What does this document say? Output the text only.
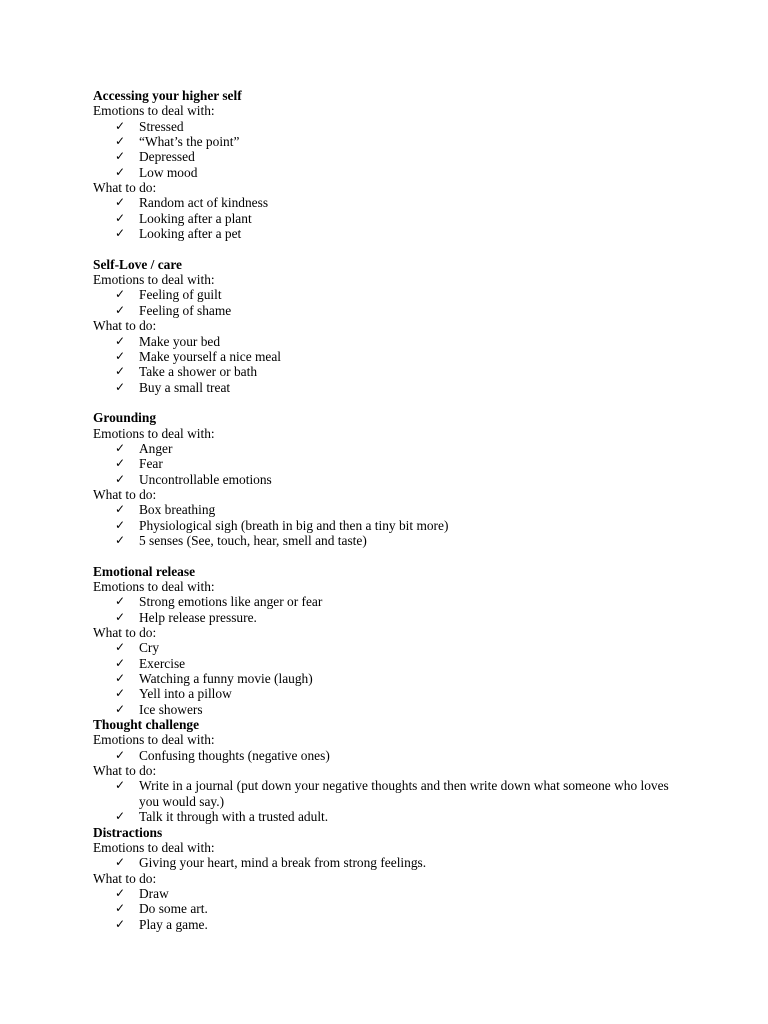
Accessing your higher self
Emotions to deal with:
✓ Stressed
✓ “What’s the point”
✓ Depressed
✓ Low mood
What to do:
✓ Random act of kindness
✓ Looking after a plant
✓ Looking after a pet
Self-Love / care
Emotions to deal with:
✓ Feeling of guilt
✓ Feeling of shame
What to do:
✓ Make your bed
✓ Make yourself a nice meal
✓ Take a shower or bath
✓ Buy a small treat
Grounding
Emotions to deal with:
✓ Anger
✓ Fear
✓ Uncontrollable emotions
What to do:
✓ Box breathing
✓ Physiological sigh (breath in big and then a tiny bit more)
✓ 5 senses (See, touch, hear, smell and taste)
Emotional release
Emotions to deal with:
✓ Strong emotions like anger or fear
✓ Help release pressure.
What to do:
✓ Cry
✓ Exercise
✓ Watching a funny movie (laugh)
✓ Yell into a pillow
✓ Ice showers
Thought challenge
Emotions to deal with:
✓ Confusing thoughts (negative ones)
What to do:
✓ Write in a journal (put down your negative thoughts and then write down what someone who loves you would say.)
✓ Talk it through with a trusted adult.
Distractions
Emotions to deal with:
✓ Giving your heart, mind a break from strong feelings.
What to do:
✓ Draw
✓ Do some art.
✓ Play a game.
